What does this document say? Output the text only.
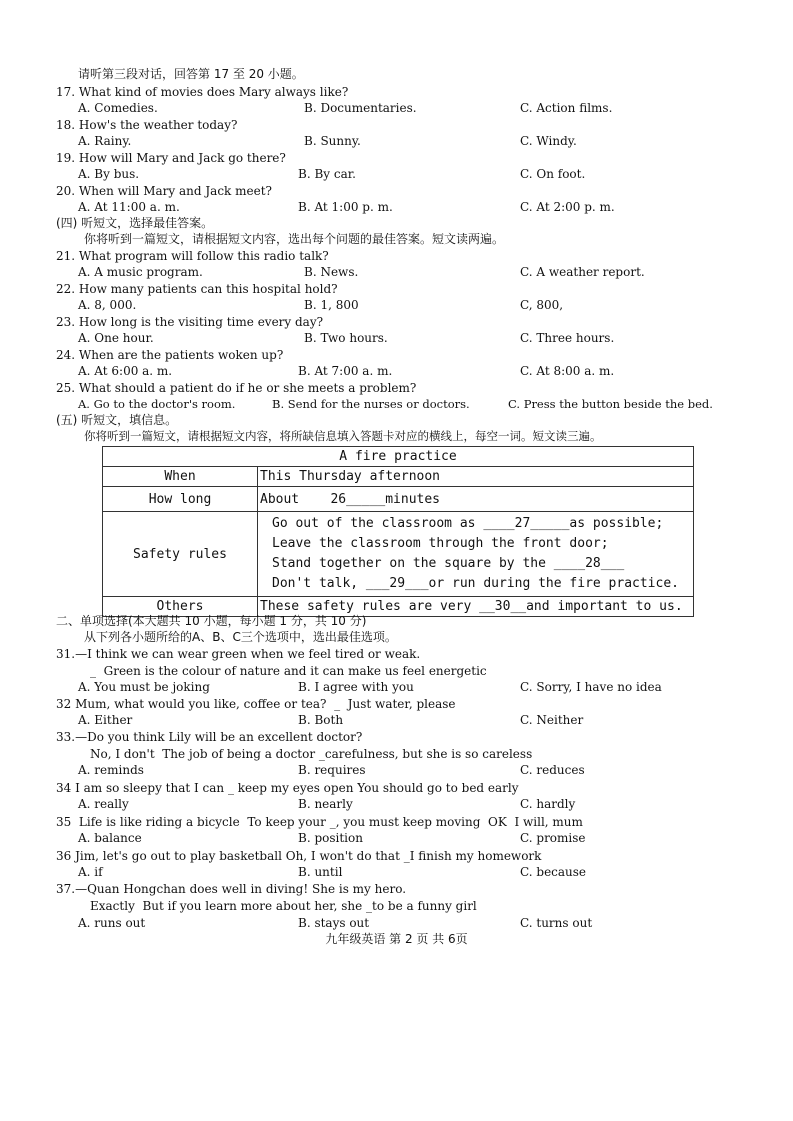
请听第三段对话，回答第 17 至 20 小题。
17. What kind of movies does Mary always like?
A. Comedies.	B. Documentaries.	C. Action films.
18. How's the weather today?
A. Rainy.	B. Sunny.	C. Windy.
19. How will Mary and Jack go there?
A. By bus.	B. By car.	C. On foot.
20. When will Mary and Jack meet?
A. At 11:00 a. m.	B. At 1:00 p. m.	C. At 2:00 p. m.
(四) 听短文，选择最佳答案。
你将听到一篇短文，请根据短文内容，选出每个问题的最佳答案。短文读两遍。
21. What program will follow this radio talk?
A. A music program.	B. News.	C. A weather report.
22. How many patients can this hospital hold?
A. 8, 000.	B. 1, 800	C, 800,
23. How long is the visiting time every day?
A. One hour.	B. Two hours.	C. Three hours.
24. When are the patients woken up?
A. At 6:00 a. m.	B. At 7:00 a. m.	C. At 8:00 a. m.
25. What should a patient do if he or she meets a problem?
A. Go to the doctor's room.	B. Send for the nurses or doctors.	C. Press the button beside the bed.
(五) 听短文，填信息。
你将听到一篇短文，请根据短文内容，将所缺信息填入答题卡对应的横线上，每空一词。短文读三遍。
A fire practice	
When	This Thursday afternoon
How long	About    26_____minutes
Safety rules	Go out of the classroom as ____27_____as possible;
Leave the classroom through the front door;
Stand together on the square by the ____28___
Don't talk, ___29___or run during the fire practice.

Others	These safety rules are very __30__and important to us.
二、单项选择(本大题共 10 小题，每小题 1 分，共 10 分)
从下列各小题所给的A、B、C三个选项中，选出最佳选项。
31.—I think we can wear green when we feel tired or weak.
_  Green is the colour of nature and it can make us feel energetic
A. You must be joking	B. I agree with you	C. Sorry, I have no idea
32 Mum, what would you like, coffee or tea?  _  Just water, please
A. Either	B. Both	C. Neither
33.—Do you think Lily will be an excellent doctor?
No, I don't  The job of being a doctor _carefulness, but she is so careless
A. reminds	B. requires	C. reduces
34 I am so sleepy that I can _ keep my eyes open You should go to bed early
A. really	B. nearly	C. hardly
35  Life is like riding a bicycle  To keep your _, you must keep moving  OK  I will, mum
A. balance	B. position	C. promise
36 Jim, let's go out to play basketball Oh, I won't do that _I finish my homework
A. if	B. until	C. because
37.—Quan Hongchan does well in diving! She is my hero.
Exactly  But if you learn more about her, she _to be a funny girl
A. runs out	B. stays out	C. turns out
九年级英语 第 2 页 共 6页
